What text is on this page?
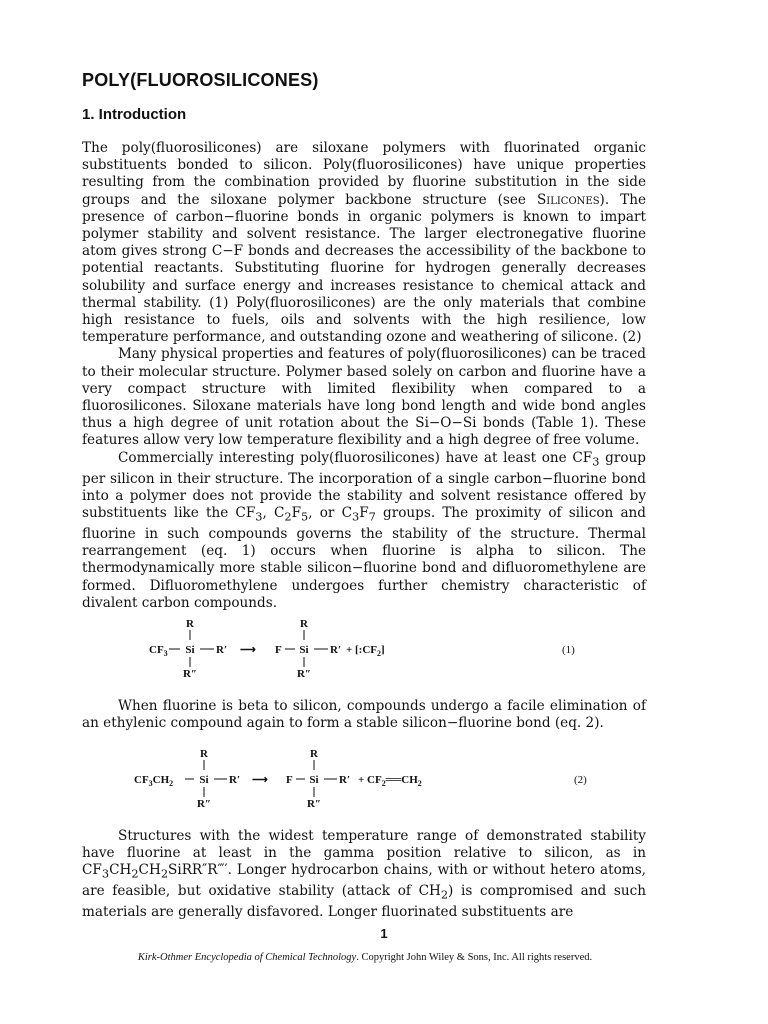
POLY(FLUOROSILICONES)
1. Introduction

The poly(fluorosilicones) are siloxane polymers with fluorinated organic substituents bonded to silicon. Poly(fluorosilicones) have unique properties resulting from the combination provided by fluorine substitution in the side groups and the siloxane polymer backbone structure (see Silicones). The presence of carbon−fluorine bonds in organic polymers is known to impart polymer stability and solvent resistance. The larger electronegative fluorine atom gives strong C−F bonds and decreases the accessibility of the backbone to potential reactants. Substituting fluorine for hydrogen generally decreases solubility and surface energy and increases resistance to chemical attack and thermal stability. (1) Poly(fluorosilicones) are the only materials that combine high resistance to fuels, oils and solvents with the high resilience, low temperature performance, and outstanding ozone and weathering of silicone. (2)

Many physical properties and features of poly(fluorosilicones) can be traced to their molecular structure. Polymer based solely on carbon and fluorine have a very compact structure with limited flexibility when compared to a fluorosilicones. Siloxane materials have long bond length and wide bond angles thus a high degree of unit rotation about the Si−O−Si bonds (Table 1). These features allow very low temperature flexibility and a high degree of free volume.

Commercially interesting poly(fluorosilicones) have at least one $CF_3$ group per silicon in their structure. The incorporation of a single carbon−fluorine bond into a polymer does not provide the stability and solvent resistance offered by substituents like the $CF_3$, $C_2F_5$, or $C_3F_7$ groups. The proximity of silicon and fluorine in such compounds governs the stability of the structure. Thermal rearrangement (eq. 1) occurs when fluorine is alpha to silicon. The thermodynamically more stable silicon−fluorine bond and difluoromethylene are formed. Difluoromethylene undergoes further chemistry characteristic of divalent carbon compounds.

$CF_3$
R
Si R′
R″
⟶ F
R
Si R′
R″
+ $[:CF_2]$	(1)

When fluorine is beta to silicon, compounds undergo a facile elimination of an ethylenic compound again to form a stable silicon−fluorine bond (eq. 2).

$CF_3CH_2$
R
Si R′ ⟶
R″
F
R
Si R′
R″
+ $CF_2══CH_2$	(2)

Structures with the widest temperature range of demonstrated stability have fluorine at least in the gamma position relative to silicon, as in $CF_3CH_2CH_2SiRR''R‴'$. Longer hydrocarbon chains, with or without hetero atoms, are feasible, but oxidative stability (attack of $CH_2$) is compromised and such materials are generally disfavored. Longer fluorinated substituents are

1
Kirk-Othmer Encyclopedia of Chemical Technology. Copyright John Wiley & Sons, Inc. All rights reserved.
